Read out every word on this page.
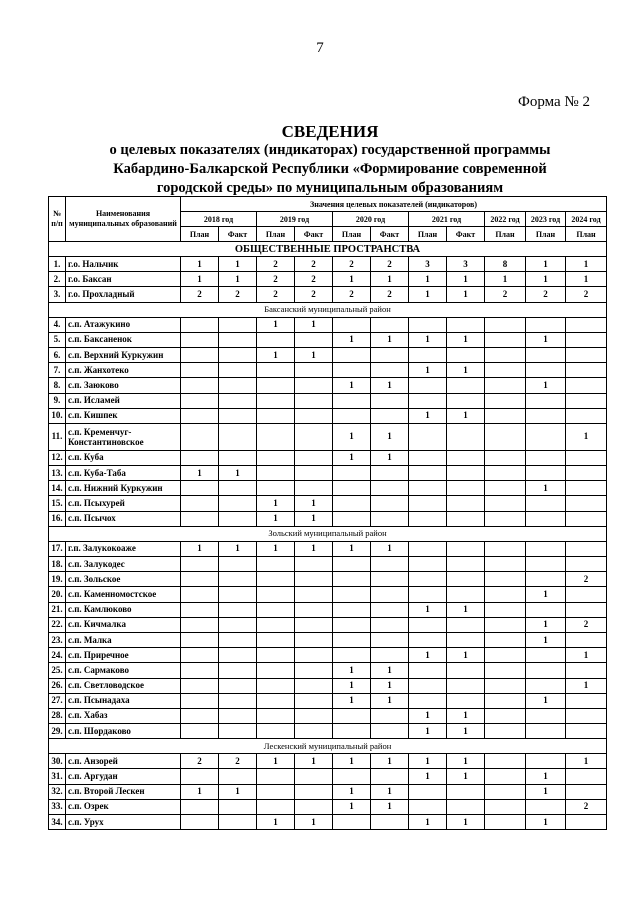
7
Форма № 2
СВЕДЕНИЯ
о целевых показателях (индикаторах) государственной программы
Кабардино-Балкарской Республики «Формирование современной
городской среды» по муниципальным образованиям
№ п/п	Наименования муниципальных образований	Значения целевых показателей (индикаторов)										
		2018 год		2019 год		2020 год		2021 год		2022 год	2023 год	2024 год
		План	Факт	План	Факт	План	Факт	План	Факт	План	План	План
ОБЩЕСТВЕННЫЕ ПРОСТРАНСТВА												
1.	г.о. Нальчик	1	1	2	2	2	2	3	3	8	1	1
2.	г.о. Баксан	1	1	2	2	1	1	1	1	1	1	1
3.	г.о. Прохладный	2	2	2	2	2	2	1	1	2	2	2
Баксанский муниципальный район												
4.	с.п. Атажукино			1	1							
5.	с.п. Баксаненок					1	1	1	1		1	
6.	с.п. Верхний Куркужин			1	1							
7.	с.п. Жанхотеко							1	1			
8.	с.п. Заюково					1	1				1	
9.	с.п. Исламей											
10.	с.п. Кишпек							1	1			
11.	с.п. Кременчуг-Константиновское					1	1					1
12.	с.п. Куба					1	1					
13.	с.п. Куба-Таба	1	1									
14.	с.п. Нижний Куркужин										1	
15.	с.п. Псыхурей			1	1							
16.	с.п. Псычох			1	1							
Зольский муниципальный район												
17.	г.п. Залукокоаже	1	1	1	1	1	1					
18.	с.п. Залукодес											
19.	с.п. Зольское											2
20.	с.п. Каменномостское										1	
21.	с.п. Камлюково							1	1			
22.	с.п. Кичмалка										1	2
23.	с.п. Малка										1	
24.	с.п. Приречное							1	1			1
25.	с.п. Сармаково					1	1					
26.	с.п. Светловодское					1	1					1
27.	с.п. Псынадаха					1	1				1	
28.	с.п. Хабаз							1	1			
29.	с.п. Шордаково							1	1			
Лескенский муниципальный район												
30.	с.п. Анзорей	2	2	1	1	1	1	1	1			1
31.	с.п. Аргудан							1	1		1	
32.	с.п. Второй Лескен	1	1			1	1				1	
33.	с.п. Озрек					1	1					2
34.	с.п. Урух			1	1			1	1		1	
